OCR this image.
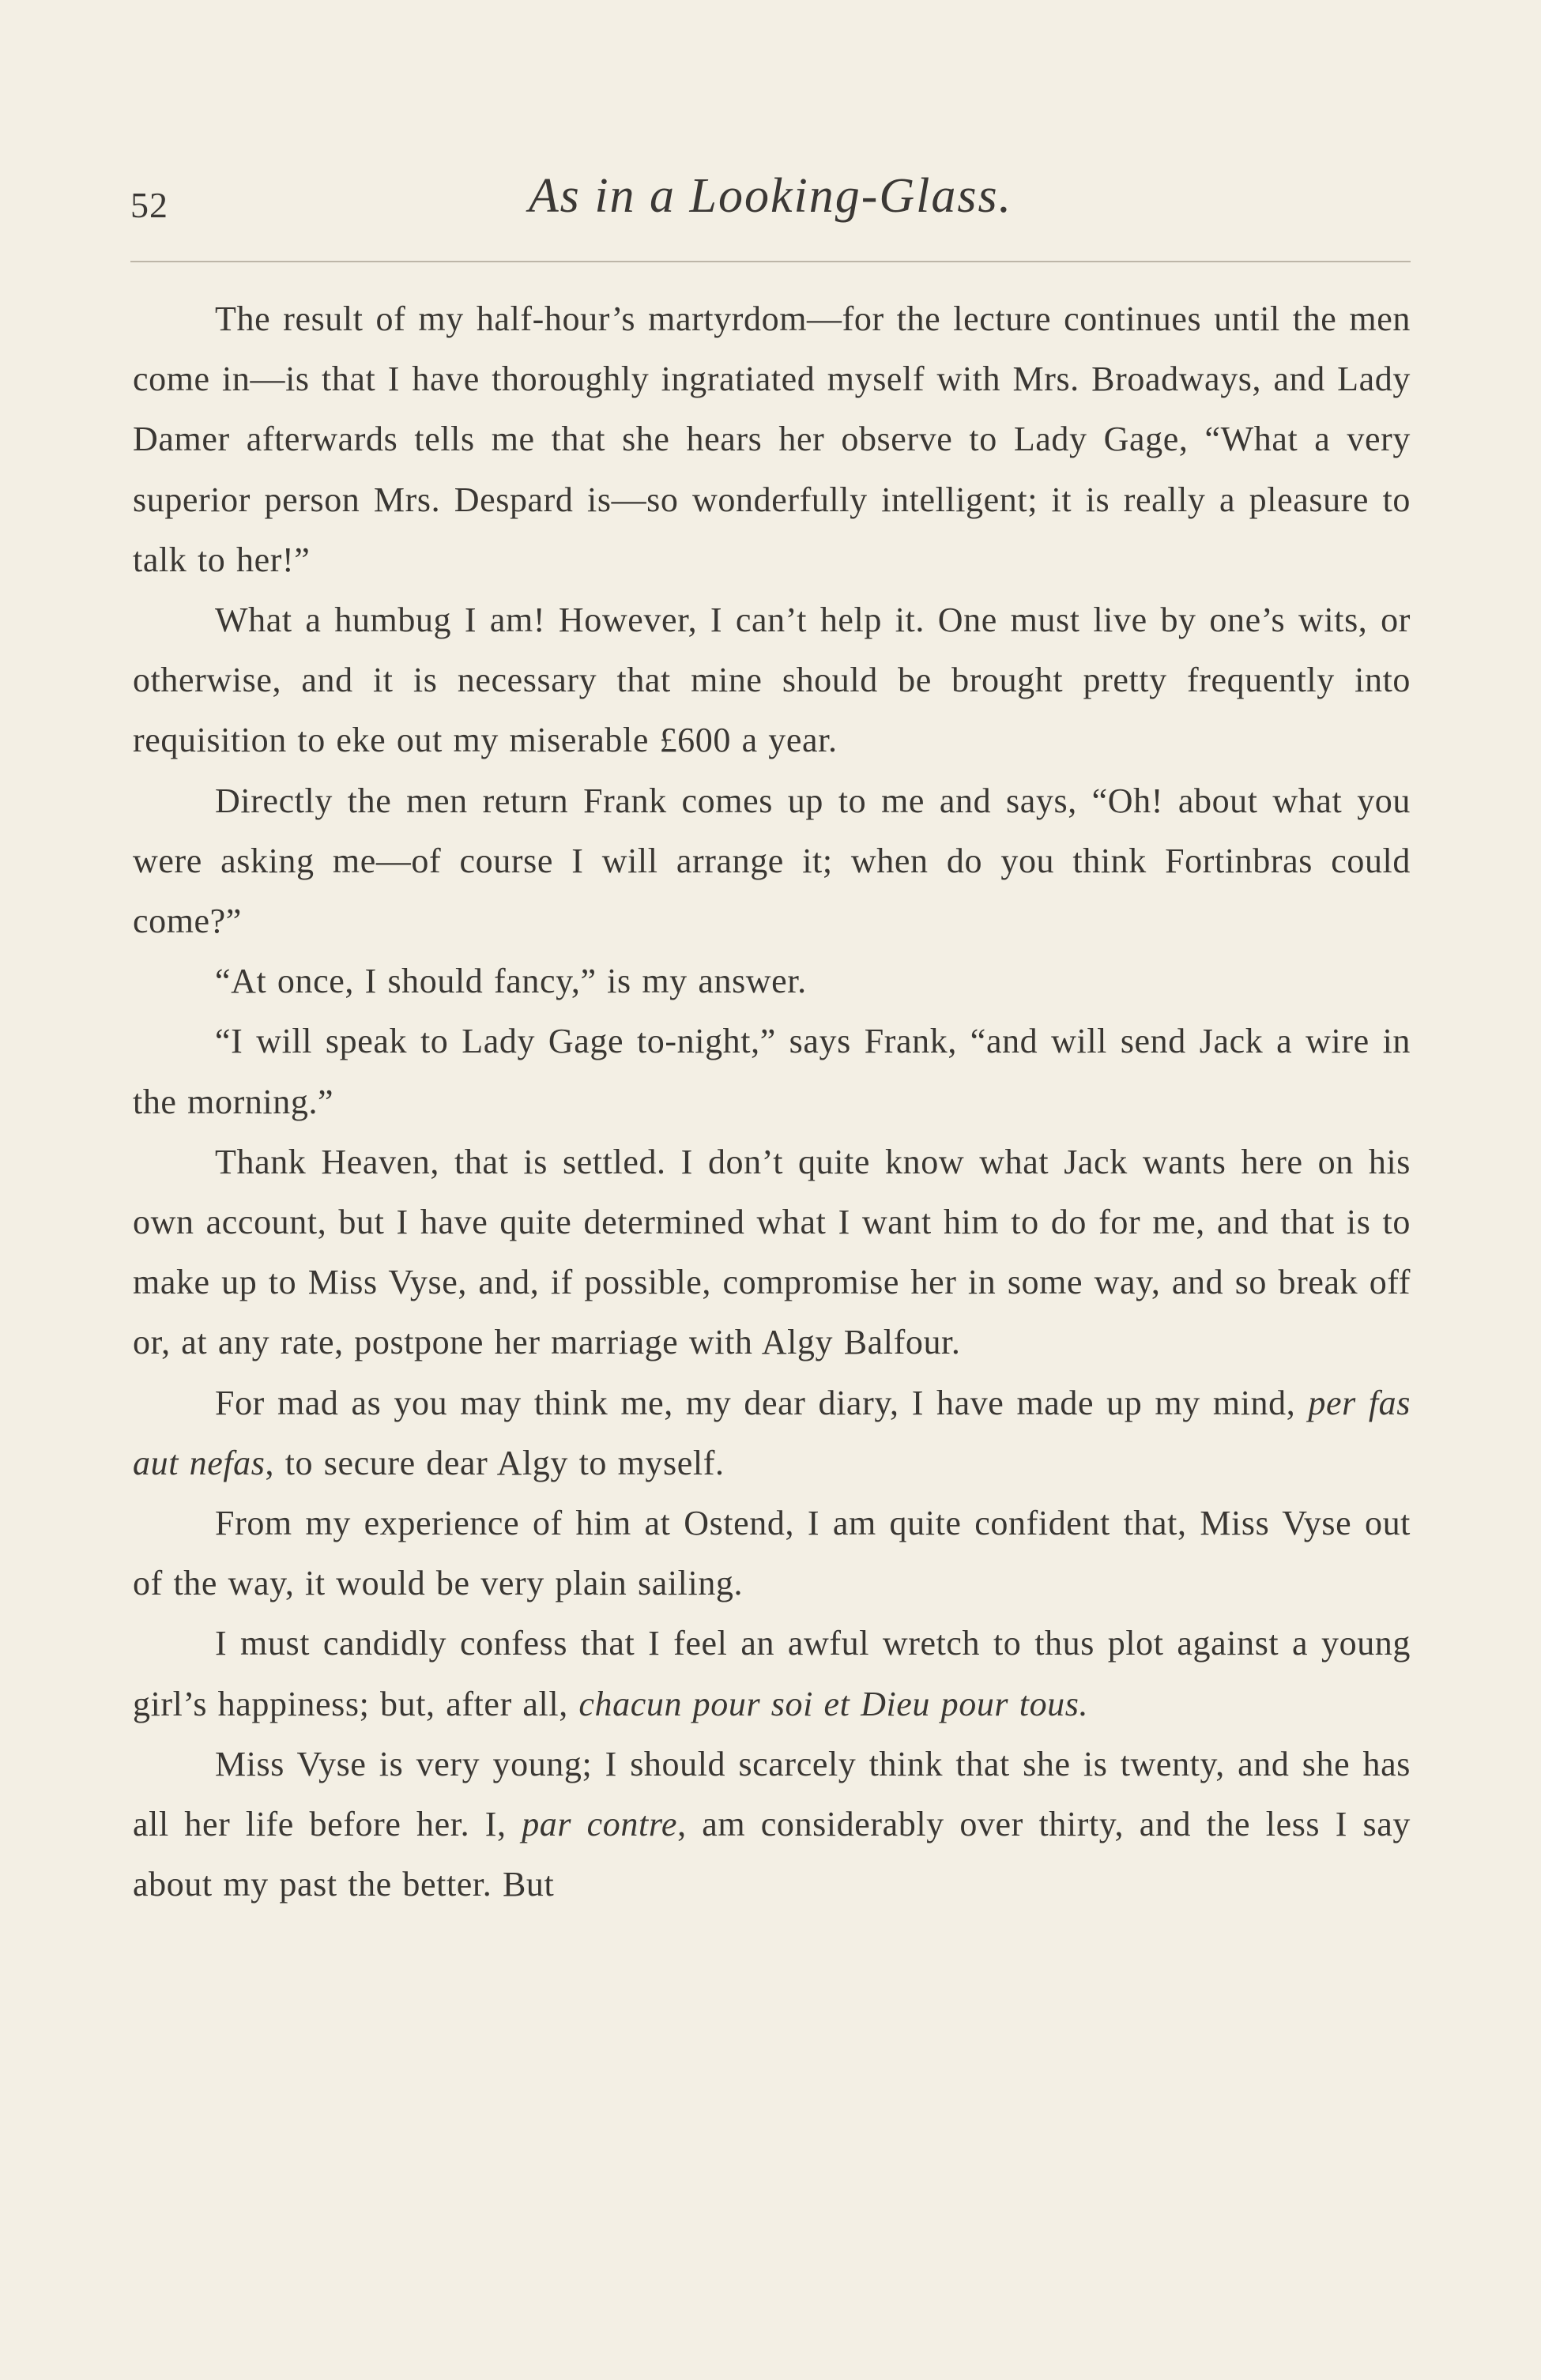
52	As in a Looking-Glass.

The result of my half-hour’s martyrdom—for the lecture continues until the men come in—is that I have thoroughly ingratiated myself with Mrs. Broadways, and Lady Damer afterwards tells me that she hears her observe to Lady Gage, “What a very superior person Mrs. Despard is—so wonderfully intelligent; it is really a pleasure to talk to her!”

What a humbug I am! However, I can’t help it. One must live by one’s wits, or otherwise, and it is necessary that mine should be brought pretty frequently into requisition to eke out my miserable £600 a year.

Directly the men return Frank comes up to me and says, “Oh! about what you were asking me—of course I will arrange it; when do you think Fortinbras could come?”

“At once, I should fancy,” is my answer.

“I will speak to Lady Gage to-night,” says Frank, “and will send Jack a wire in the morning.”

Thank Heaven, that is settled. I don’t quite know what Jack wants here on his own account, but I have quite determined what I want him to do for me, and that is to make up to Miss Vyse, and, if possible, compromise her in some way, and so break off or, at any rate, postpone her marriage with Algy Balfour.

For mad as you may think me, my dear diary, I have made up my mind, per fas aut nefas, to secure dear Algy to myself.

From my experience of him at Ostend, I am quite confident that, Miss Vyse out of the way, it would be very plain sailing.

I must candidly confess that I feel an awful wretch to thus plot against a young girl’s happiness; but, after all, chacun pour soi et Dieu pour tous.

Miss Vyse is very young; I should scarcely think that she is twenty, and she has all her life before her. I, par contre, am considerably over thirty, and the less I say about my past the better. But
